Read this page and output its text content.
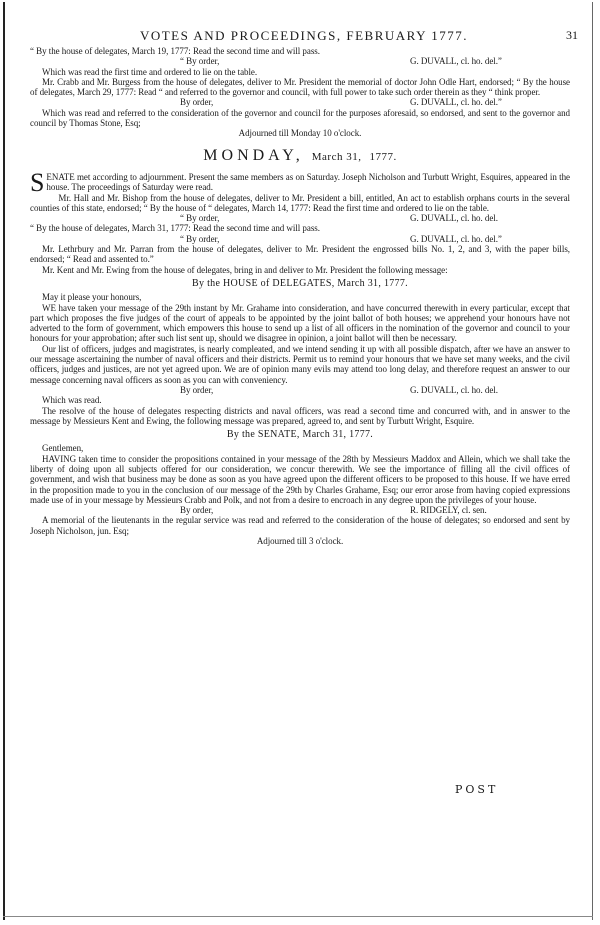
VOTES AND PROCEEDINGS, FEBRUARY 1777.	31

“ By the house of delegates, March 19, 1777: Read the second time and will pass.

“ By order,	G. DUVALL, cl. ho. del.”

Which was read the first time and ordered to lie on the table.

Mr. Crabb and Mr. Burgess from the house of delegates, deliver to Mr. President the memorial of doctor John Odle Hart, endorsed; “ By the house of delegates, March 29, 1777: Read “ and referred to the governor and council, with full power to take such order therein as they “ think proper.

By order,	G. DUVALL, cl. ho. del.”

Which was read and referred to the consideration of the governor and council for the purposes aforesaid, so endorsed, and sent to the governor and council by Thomas Stone, Esq;

Adjourned till Monday 10 o'clock.

MONDAY, March 31, 1777.

SENATE met according to adjournment. Present the same members as on Saturday. Joseph Nicholson and Turbutt Wright, Esquires, appeared in the house. The proceedings of Saturday were read.

Mr. Hall and Mr. Bishop from the house of delegates, deliver to Mr. President a bill, entitled, An act to establish orphans courts in the several counties of this state, endorsed; “ By the house of “ delegates, March 14, 1777: Read the first time and ordered to lie on the table.

“ By order,	G. DUVALL, cl. ho. del.

“ By the house of delegates, March 31, 1777: Read the second time and will pass.

“ By order,	G. DUVALL, cl. ho. del.”

Mr. Lethrbury and Mr. Parran from the house of delegates, deliver to Mr. President the engrossed bills No. 1, 2, and 3, with the paper bills, endorsed; “ Read and assented to.”

Mr. Kent and Mr. Ewing from the house of delegates, bring in and deliver to Mr. President the following message:

By the HOUSE of DELEGATES, March 31, 1777.

May it please your honours,

WE have taken your message of the 29th instant by Mr. Grahame into consideration, and have concurred therewith in every particular, except that part which proposes the five judges of the court of appeals to be appointed by the joint ballot of both houses; we apprehend your honours have not adverted to the form of government, which empowers this house to send up a list of all officers in the nomination of the governor and council to your honours for your approbation; after such list sent up, should we disagree in opinion, a joint ballot will then be necessary.

Our list of officers, judges and magistrates, is nearly compleated, and we intend sending it up with all possible dispatch, after we have an answer to our message ascertaining the number of naval officers and their districts. Permit us to remind your honours that we have set many weeks, and the civil officers, judges and justices, are not yet agreed upon. We are of opinion many evils may attend too long delay, and therefore request an answer to our message concerning naval officers as soon as you can with conveniency.

By order,	G. DUVALL, cl. ho. del.

Which was read.

The resolve of the house of delegates respecting districts and naval officers, was read a second time and concurred with, and in answer to the message by Messieurs Kent and Ewing, the following message was prepared, agreed to, and sent by Turbutt Wright, Esquire.

By the SENATE, March 31, 1777.

Gentlemen,

HAVING taken time to consider the propositions contained in your message of the 28th by Messieurs Maddox and Allein, which we shall take the liberty of doing upon all subjects offered for our consideration, we concur therewith. We see the importance of filling all the civil offices of government, and wish that business may be done as soon as you have agreed upon the different officers to be proposed to this house. If we have erred in the proposition made to you in the conclusion of our message of the 29th by Charles Grahame, Esq; our error arose from having copied expressions made use of in your message by Messieurs Crabb and Polk, and not from a desire to encroach in any degree upon the privileges of your house.

By order,	R. RIDGELY, cl. sen.

A memorial of the lieutenants in the regular service was read and referred to the consideration of the house of delegates; so endorsed and sent by Joseph Nicholson, jun. Esq;

Adjourned till 3 o'clock.

POST
